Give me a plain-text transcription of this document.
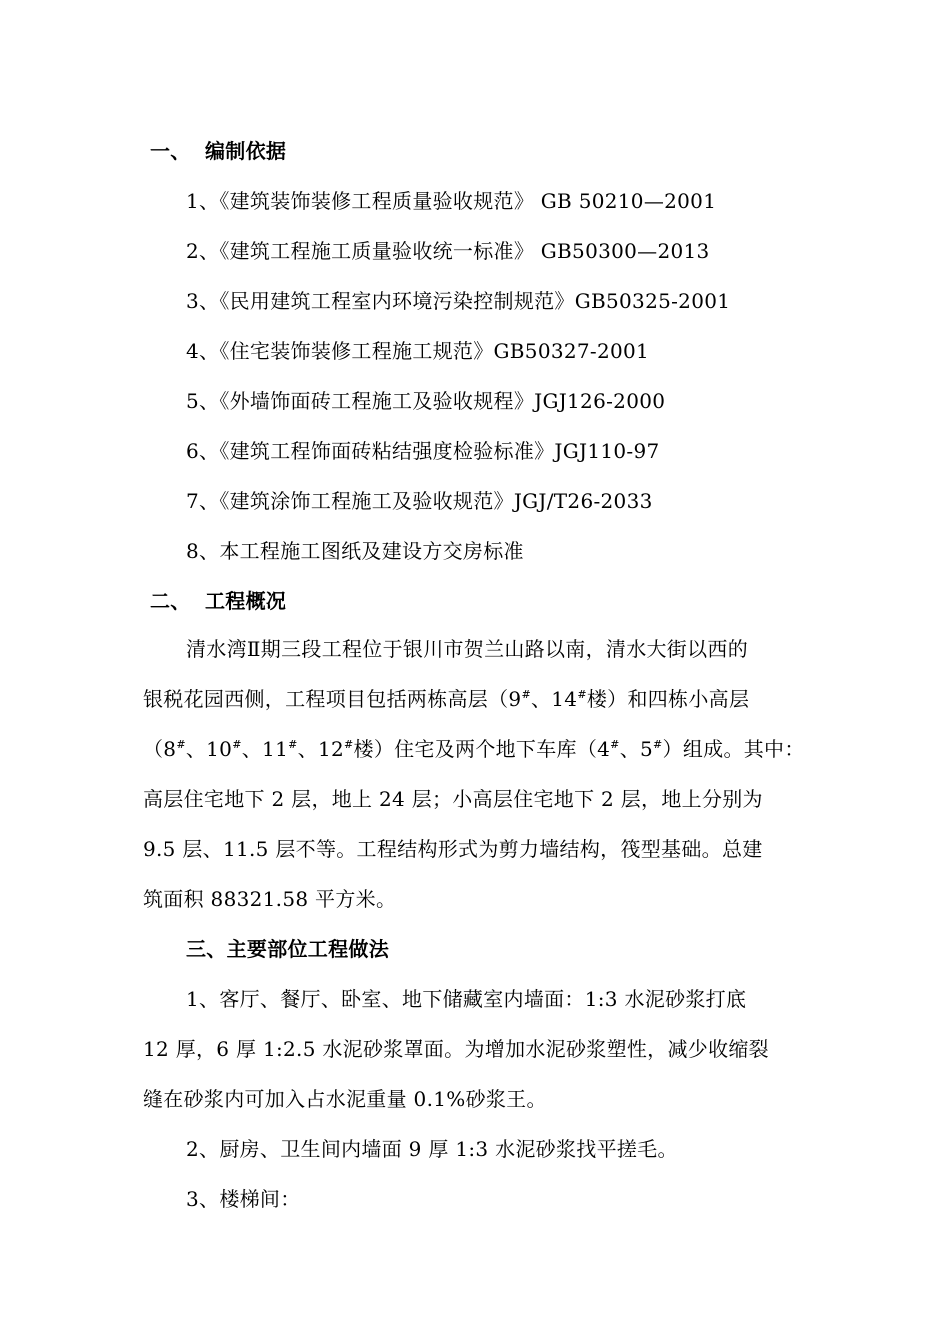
一、 编制依据
1、《建筑装饰装修工程质量验收规范》 GB 50210—2001
2、《建筑工程施工质量验收统一标准》 GB50300—2013
3、《民用建筑工程室内环境污染控制规范》GB50325-2001
4、《住宅装饰装修工程施工规范》GB50327-2001
5、《外墙饰面砖工程施工及验收规程》JGJ126-2000
6、《建筑工程饰面砖粘结强度检验标准》JGJ110-97
7、《建筑涂饰工程施工及验收规范》JGJ/T26-2033
8、本工程施工图纸及建设方交房标准
二、 工程概况
清水湾Ⅱ期三段工程位于银川市贺兰山路以南，清水大街以西的
银税花园西侧，工程项目包括两栋高层（9#、14#楼）和四栋小高层
（8#、10#、11#、12#楼）住宅及两个地下车库（4#、5#）组成。其中：
高层住宅地下 2 层，地上 24 层；小高层住宅地下 2 层，地上分别为
9.5 层、11.5 层不等。工程结构形式为剪力墙结构，筏型基础。总建
筑面积 88321.58 平方米。
三、主要部位工程做法
1、客厅、餐厅、卧室、地下储藏室内墙面：1:3 水泥砂浆打底
12 厚，6 厚 1:2.5 水泥砂浆罩面。为增加水泥砂浆塑性，减少收缩裂
缝在砂浆内可加入占水泥重量 0.1%砂浆王。
2、厨房、卫生间内墙面 9 厚 1:3 水泥砂浆找平搓毛。
3、楼梯间：
